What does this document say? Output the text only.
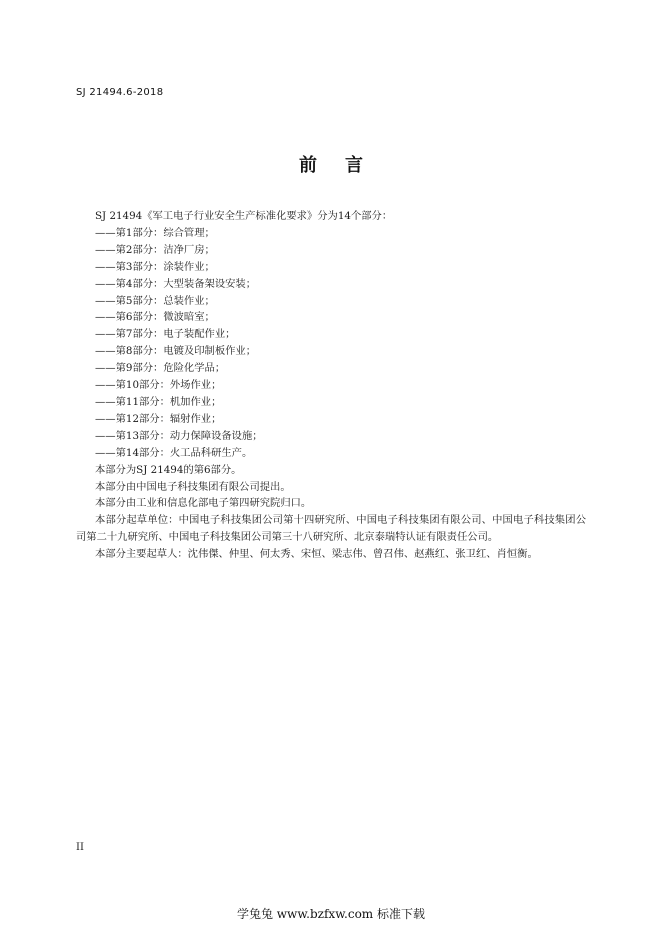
SJ 21494.6-2018
前 言
SJ 21494《军工电子行业安全生产标准化要求》分为14个部分：
——第1部分：综合管理；
——第2部分：洁净厂房；
——第3部分：涂装作业；
——第4部分：大型装备架设安装；
——第5部分：总装作业；
——第6部分：微波暗室；
——第7部分：电子装配作业；
——第8部分：电镀及印制板作业；
——第9部分：危险化学品；
——第10部分：外场作业；
——第11部分：机加作业；
——第12部分：辐射作业；
——第13部分：动力保障设备设施；
——第14部分：火工品科研生产。
本部分为SJ 21494的第6部分。
本部分由中国电子科技集团有限公司提出。
本部分由工业和信息化部电子第四研究院归口。
本部分起草单位：中国电子科技集团公司第十四研究所、中国电子科技集团有限公司、中国电子科技集团公司第二十九研究所、中国电子科技集团公司第三十八研究所、北京泰瑞特认证有限责任公司。
本部分主要起草人：沈伟傑、仲里、何太秀、宋恒、梁志伟、曾召伟、赵燕红、张卫红、肖恒衡。
II
学兔兔 www.bzfxw.com 标准下载
